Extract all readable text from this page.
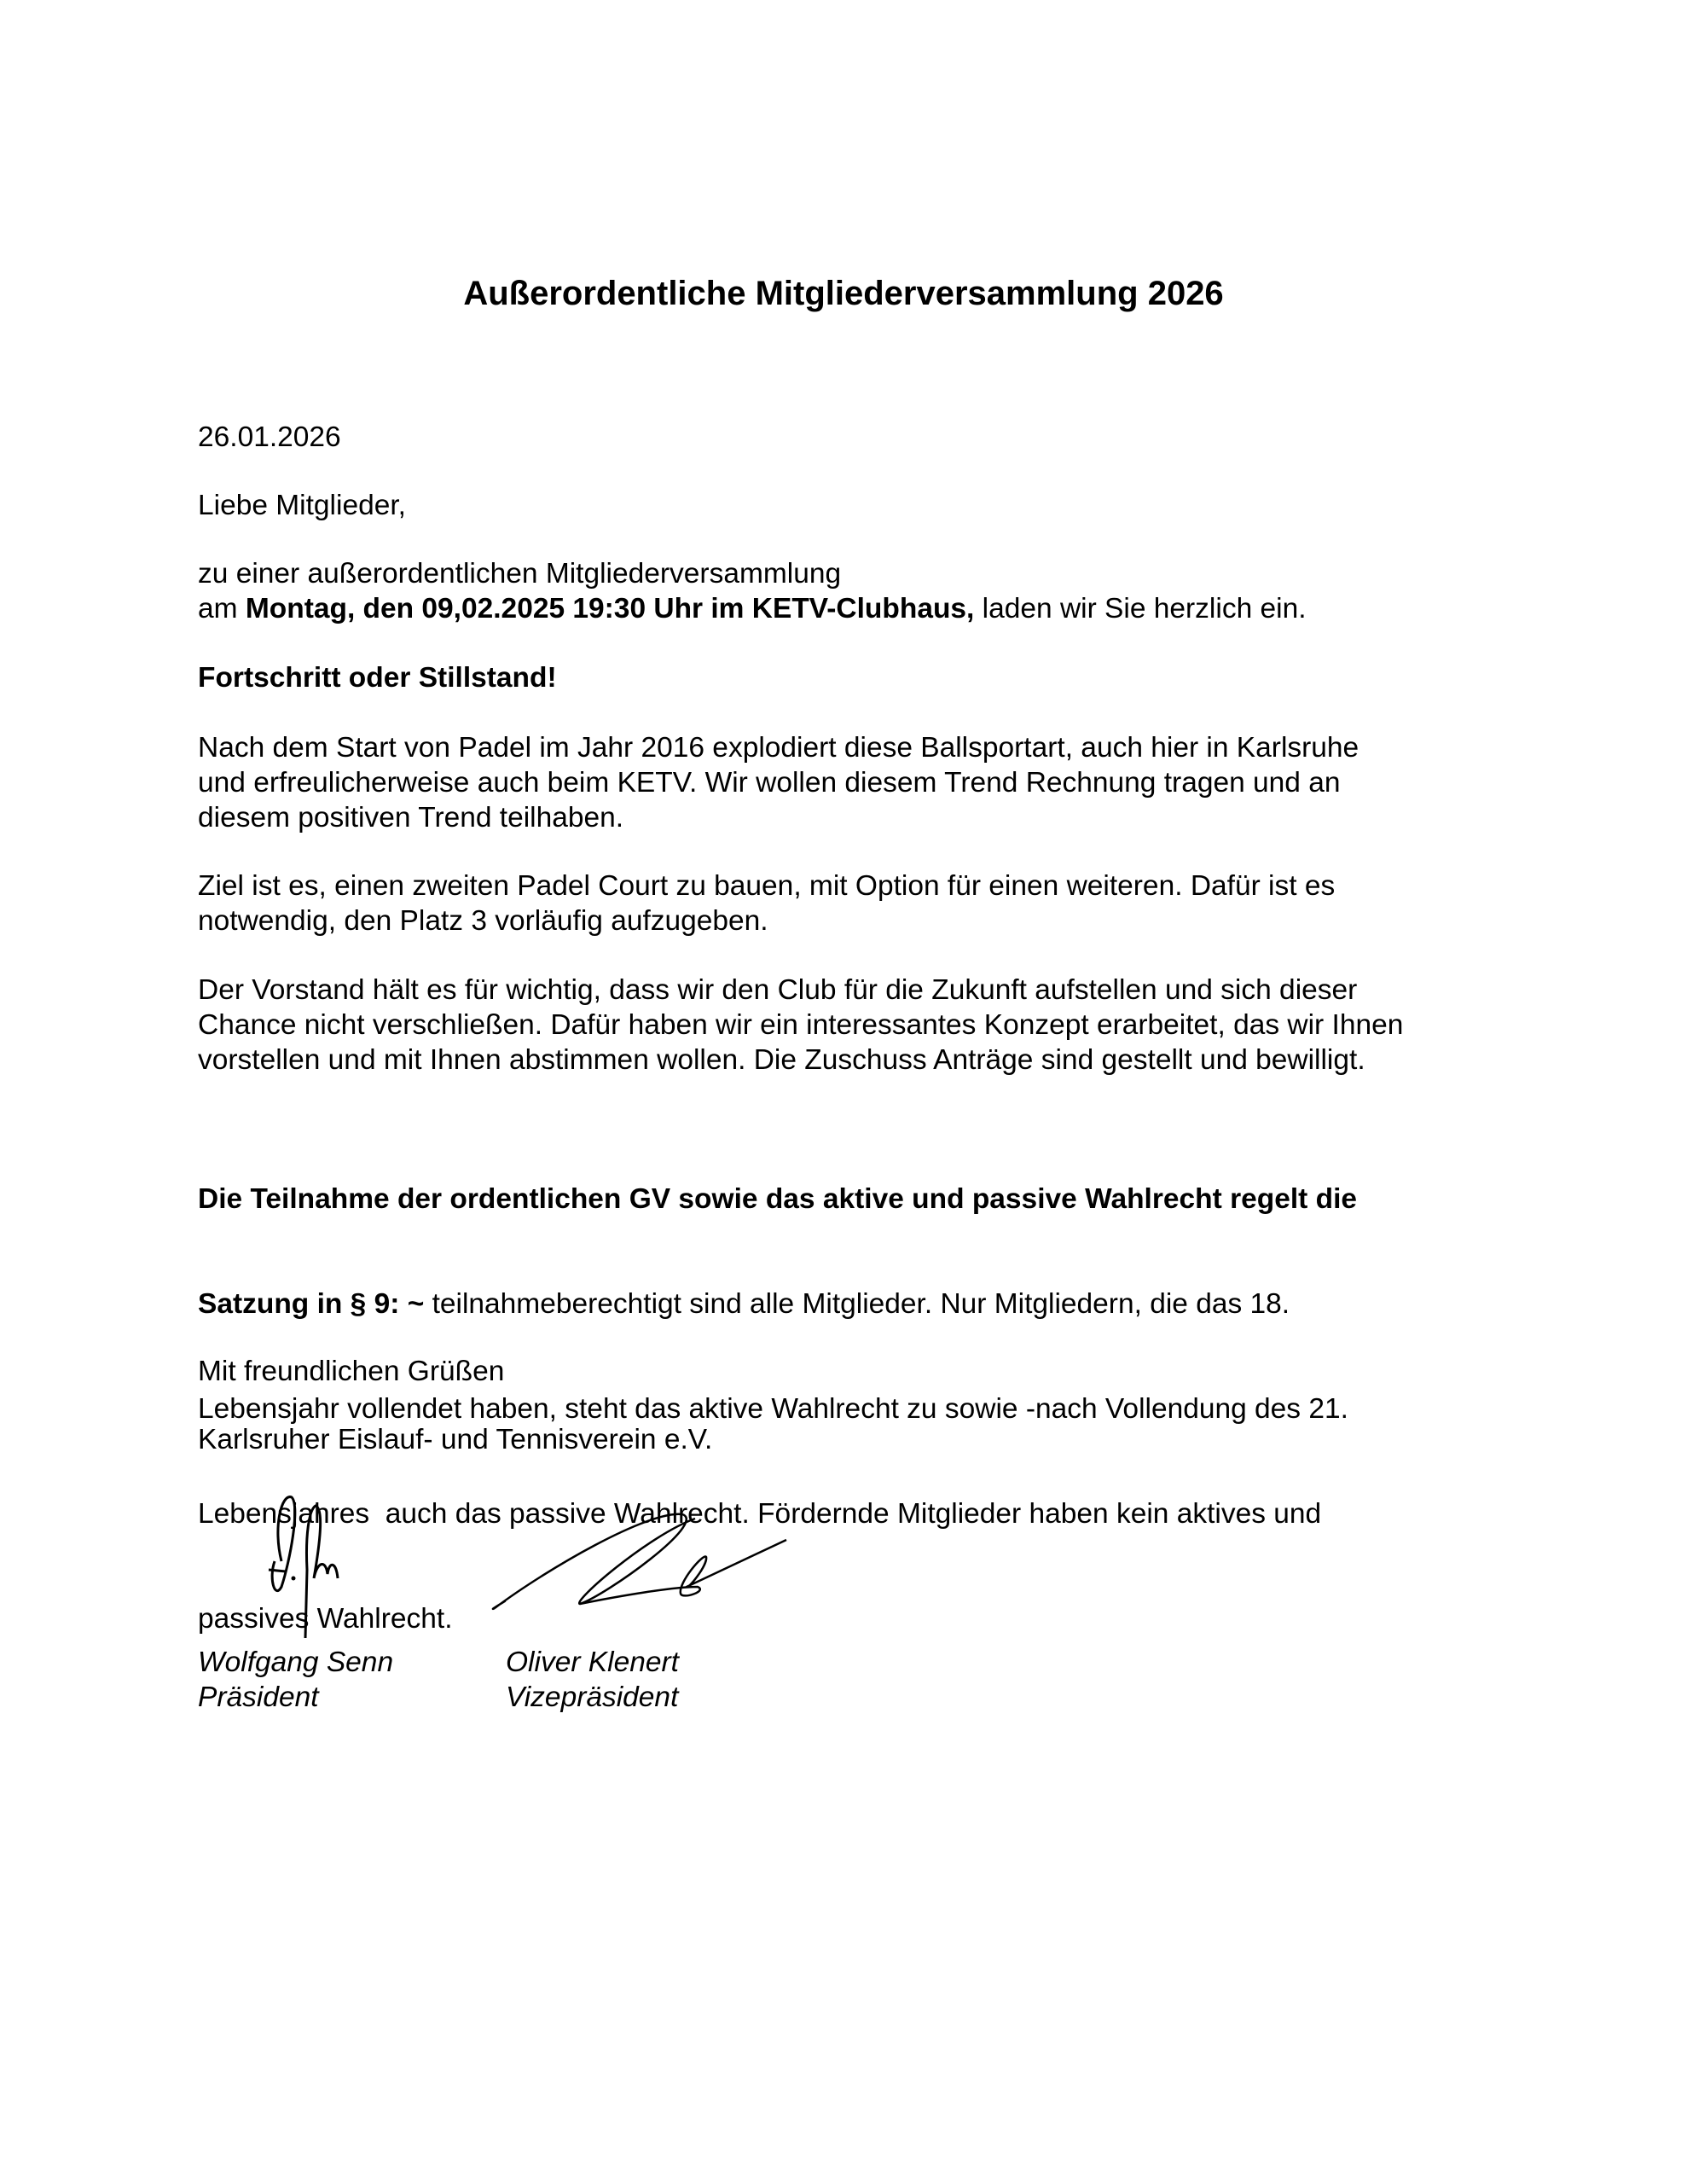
Außerordentliche Mitgliederversammlung 2026
26.01.2026
Liebe Mitglieder,
zu einer außerordentlichen Mitgliederversammlung
am Montag, den 09,02.2025 19:30 Uhr im KETV-Clubhaus, laden wir Sie herzlich ein.
Fortschritt oder Stillstand!
Nach dem Start von Padel im Jahr 2016 explodiert diese Ballsportart, auch hier in Karlsruhe
und erfreulicherweise auch beim KETV. Wir wollen diesem Trend Rechnung tragen und an
diesem positiven Trend teilhaben.
Ziel ist es, einen zweiten Padel Court zu bauen, mit Option für einen weiteren. Dafür ist es
notwendig, den Platz 3 vorläufig aufzugeben.
Der Vorstand hält es für wichtig, dass wir den Club für die Zukunft aufstellen und sich dieser
Chance nicht verschließen. Dafür haben wir ein interessantes Konzept erarbeitet, das wir Ihnen
vorstellen und mit Ihnen abstimmen wollen. Die Zuschuss Anträge sind gestellt und bewilligt.

Die Teilnahme der ordentlichen GV sowie das aktive und passive Wahlrecht regelt die

Satzung in § 9: ~ teilnahmeberechtigt sind alle Mitglieder. Nur Mitgliedern, die das 18.

Lebensjahr vollendet haben, steht das aktive Wahlrecht zu sowie -nach Vollendung des 21.

Lebensjahres  auch das passive Wahlrecht. Fördernde Mitglieder haben kein aktives und

passives Wahlrecht.

Mit freundlichen Grüßen
Karlsruher Eislauf- und Tennisverein e.V.
Wolfgang Senn
Präsident
Oliver Klenert
Vizepräsident
